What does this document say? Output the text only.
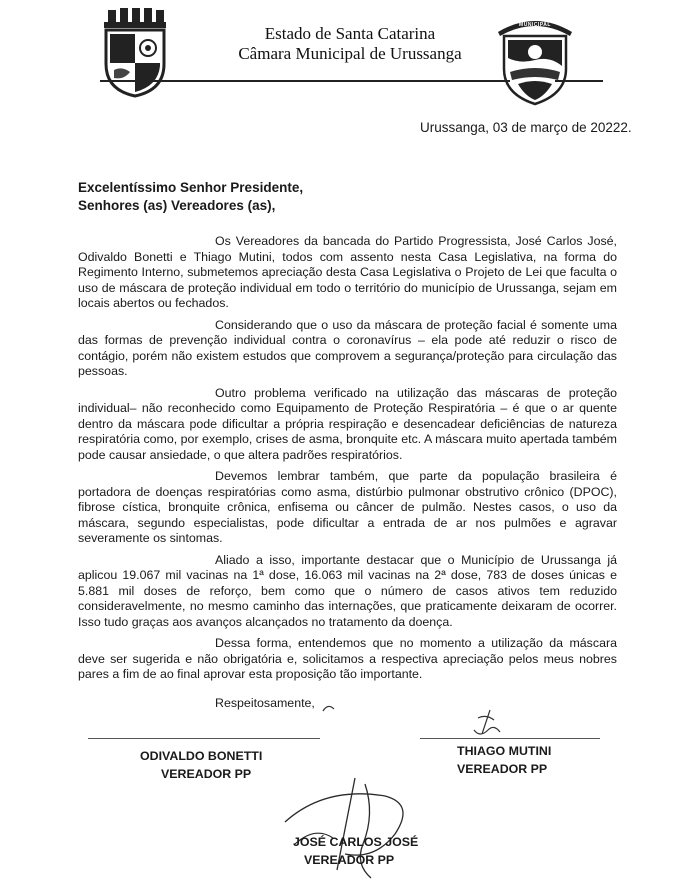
Estado de Santa Catarina
Câmara Municipal de Urussanga
PODER LEGISLATIVO MUNICIPAL
Urussanga, 03 de março de 20222.
Excelentíssimo Senhor Presidente,
Senhores (as) Vereadores (as),

Os Vereadores da bancada do Partido Progressista, José Carlos José, Odivaldo Bonetti e Thiago Mutini, todos com assento nesta Casa Legislativa, na forma do Regimento Interno, submetemos apreciação desta Casa Legislativa o Projeto de Lei que faculta o uso de máscara de proteção individual em todo o território do município de Urussanga, sejam em locais abertos ou fechados.

Considerando que o uso da máscara de proteção facial é somente uma das formas de prevenção individual contra o coronavírus – ela pode até reduzir o risco de contágio, porém não existem estudos que comprovem a segurança/proteção para circulação das pessoas.

Outro problema verificado na utilização das máscaras de proteção individual– não reconhecido como Equipamento de Proteção Respiratória – é que o ar quente dentro da máscara pode dificultar a própria respiração e desencadear deficiências de natureza respiratória como, por exemplo, crises de asma, bronquite etc. A máscara muito apertada também pode causar ansiedade, o que altera padrões respiratórios.

Devemos lembrar também, que parte da população brasileira é portadora de doenças respiratórias como asma, distúrbio pulmonar obstrutivo crônico (DPOC), fibrose cística, bronquite crônica, enfisema ou câncer de pulmão. Nestes casos, o uso da máscara, segundo especialistas, pode dificultar a entrada de ar nos pulmões e agravar severamente os sintomas.

Aliado a isso, importante destacar que o Município de Urussanga já aplicou 19.067 mil vacinas na 1ª dose, 16.063 mil vacinas na 2ª dose, 783 de doses únicas e 5.881 mil doses de reforço, bem como que o número de casos ativos tem reduzido consideravelmente, no mesmo caminho das internações, que praticamente deixaram de ocorrer. Isso tudo graças aos avanços alcançados no tratamento da doença.

Dessa forma, entendemos que no momento a utilização da máscara deve ser sugerida e não obrigatória e, solicitamos a respectiva apreciação pelos meus nobres pares a fim de ao final aprovar esta proposição tão importante.

Respeitosamente,
ODIVALDO BONETTI
VEREADOR PP
THIAGO MUTINI
VEREADOR PP
JOSÉ CARLOS JOSÉ
VEREADOR PP
